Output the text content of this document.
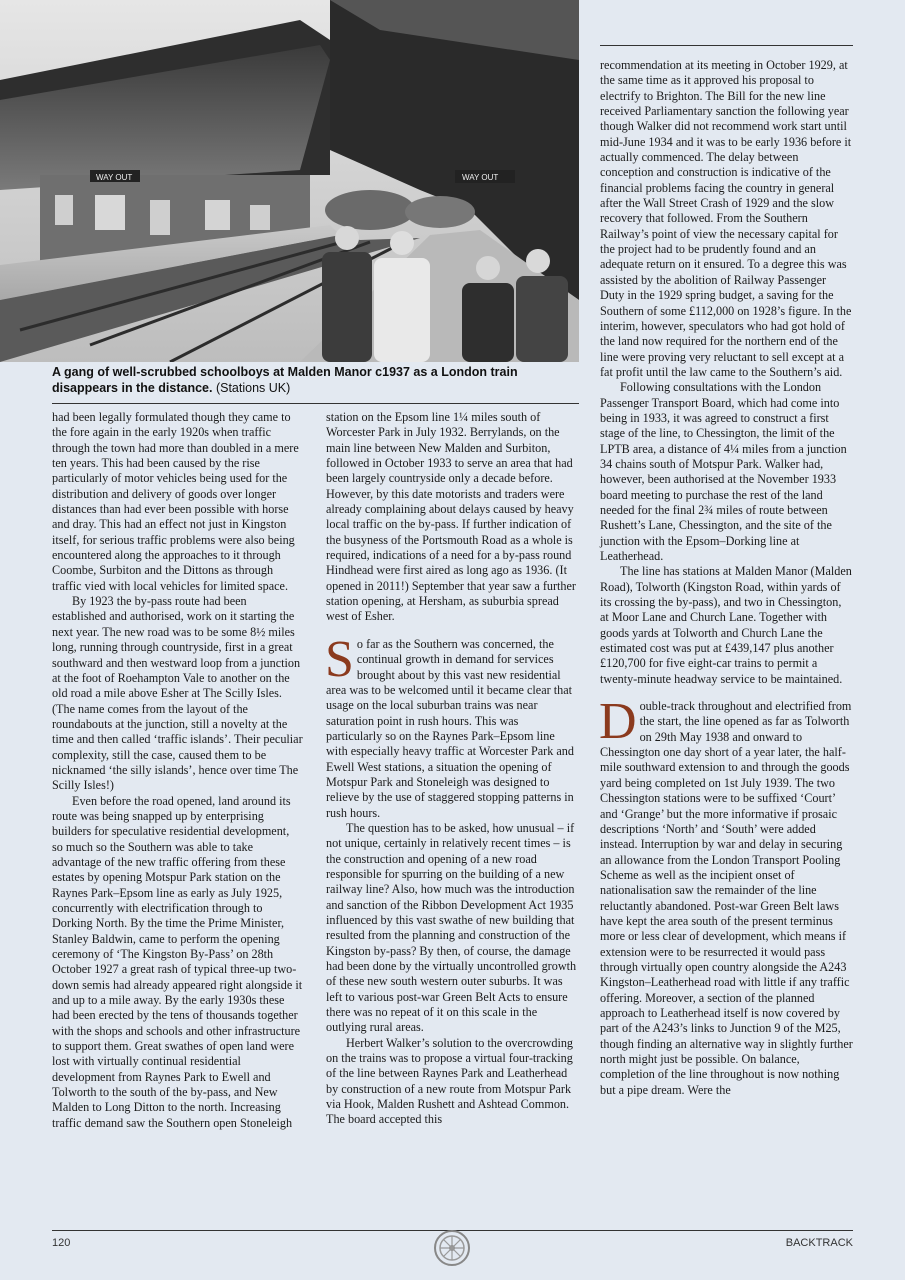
WAY OUT	WAY OUT
A gang of well-scrubbed schoolboys at Malden Manor c1937 as a London train disappears in the distance. (Stations UK)

had been legally formulated though they came to the fore again in the early 1920s when traffic through the town had more than doubled in a mere ten years. This had been caused by the rise particularly of motor vehicles being used for the distribution and delivery of goods over longer distances than had ever been possible with horse and dray. This had an effect not just in Kingston itself, for serious traffic problems were also being encountered along the approaches to it through Coombe, Surbiton and the Dittons as through traffic vied with local vehicles for limited space.

By 1923 the by-pass route had been established and authorised, work on it starting the next year. The new road was to be some 8½ miles long, running through countryside, first in a great southward and then westward loop from a junction at the foot of Roehampton Vale to another on the old road a mile above Esher at The Scilly Isles. (The name comes from the layout of the roundabouts at the junction, still a novelty at the time and then called ‘traffic islands’. Their peculiar complexity, still the case, caused them to be nicknamed ‘the silly islands’, hence over time The Scilly Isles!)

Even before the road opened, land around its route was being snapped up by enterprising builders for speculative residential development, so much so the Southern was able to take advantage of the new traffic offering from these estates by opening Motspur Park station on the Raynes Park–Epsom line as early as July 1925, concurrently with electrification through to Dorking North. By the time the Prime Minister, Stanley Baldwin, came to perform the opening ceremony of ‘The Kingston By-Pass’ on 28th October 1927 a great rash of typical three-up two-down semis had already appeared right alongside it and up to a mile away. By the early 1930s these had been erected by the tens of thousands together with the shops and schools and other infrastructure to support them. Great swathes of open land were lost with virtually continual residential development from Raynes Park to Ewell and Tolworth to the south of the by-pass, and New Malden to Long Ditton to the north. Increasing traffic demand saw the Southern open Stoneleigh

station on the Epsom line 1¼ miles south of Worcester Park in July 1932. Berrylands, on the main line between New Malden and Surbiton, followed in October 1933 to serve an area that had been largely countryside only a decade before. However, by this date motorists and traders were already complaining about delays caused by heavy local traffic on the by-pass. If further indication of the busyness of the Portsmouth Road as a whole is required, indications of a need for a by-pass round Hindhead were first aired as long ago as 1936. (It opened in 2011!) September that year saw a further station opening, at Hersham, as suburbia spread west of Esher.

So far as the Southern was concerned, the continual growth in demand for services brought about by this vast new residential area was to be welcomed until it became clear that usage on the local suburban trains was near saturation point in rush hours. This was particularly so on the Raynes Park–Epsom line with especially heavy traffic at Worcester Park and Ewell West stations, a situation the opening of Motspur Park and Stoneleigh was designed to relieve by the use of staggered stopping patterns in rush hours.

The question has to be asked, how unusual – if not unique, certainly in relatively recent times – is the construction and opening of a new road responsible for spurring on the building of a new railway line? Also, how much was the introduction and sanction of the Ribbon Development Act 1935 influenced by this vast swathe of new building that resulted from the planning and construction of the Kingston by-pass? By then, of course, the damage had been done by the virtually uncontrolled growth of these new south western outer suburbs. It was left to various post-war Green Belt Acts to ensure there was no repeat of it on this scale in the outlying rural areas.

Herbert Walker’s solution to the overcrowding on the trains was to propose a virtual four-tracking of the line between Raynes Park and Leatherhead by construction of a new route from Motspur Park via Hook, Malden Rushett and Ashtead Common. The board accepted this

recommendation at its meeting in October 1929, at the same time as it approved his proposal to electrify to Brighton. The Bill for the new line received Parliamentary sanction the following year though Walker did not recommend work start until mid-June 1934 and it was to be early 1936 before it actually commenced. The delay between conception and construction is indicative of the financial problems facing the country in general after the Wall Street Crash of 1929 and the slow recovery that followed. From the Southern Railway’s point of view the necessary capital for the project had to be prudently found and an adequate return on it ensured. To a degree this was assisted by the abolition of Railway Passenger Duty in the 1929 spring budget, a saving for the Southern of some £112,000 on 1928’s figure. In the interim, however, speculators who had got hold of the land now required for the northern end of the line were proving very reluctant to sell except at a fat profit until the law came to the Southern’s aid.

Following consultations with the London Passenger Transport Board, which had come into being in 1933, it was agreed to construct a first stage of the line, to Chessington, the limit of the LPTB area, a distance of 4¼ miles from a junction 34 chains south of Motspur Park. Walker had, however, been authorised at the November 1933 board meeting to purchase the rest of the land needed for the final 2¾ miles of route between Rushett’s Lane, Chessington, and the site of the junction with the Epsom–Dorking line at Leatherhead.

The line has stations at Malden Manor (Malden Road), Tolworth (Kingston Road, within yards of its crossing the by-pass), and two in Chessington, at Moor Lane and Church Lane. Together with goods yards at Tolworth and Church Lane the estimated cost was put at £439,147 plus another £120,700 for five eight-car trains to permit a twenty-minute headway service to be maintained.

Double-track throughout and electrified from the start, the line opened as far as Tolworth on 29th May 1938 and onward to Chessington one day short of a year later, the half-mile southward extension to and through the goods yard being completed on 1st July 1939. The two Chessington stations were to be suffixed ‘Court’ and ‘Grange’ but the more informative if prosaic descriptions ‘North’ and ‘South’ were added instead. Interruption by war and delay in securing an allowance from the London Transport Pooling Scheme as well as the incipient onset of nationalisation saw the remainder of the line reluctantly abandoned. Post-war Green Belt laws have kept the area south of the present terminus more or less clear of development, which means if extension were to be resurrected it would pass through virtually open country alongside the A243 Kingston–Leatherhead road with little if any traffic offering. Moreover, a section of the planned approach to Leatherhead itself is now covered by part of the A243’s links to Junction 9 of the M25, though finding an alternative way in slightly further north might just be possible. On balance, completion of the line throughout is now nothing but a pipe dream. Were the

120	BACKTRACK
